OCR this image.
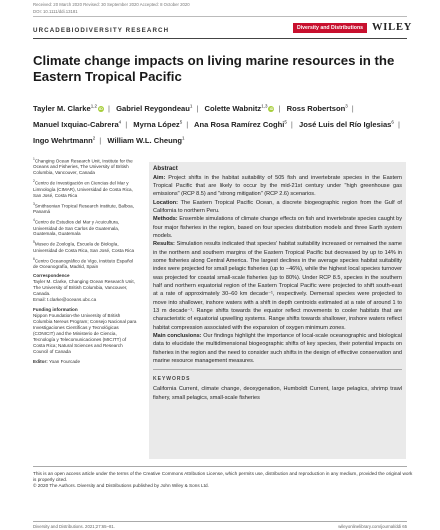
Received: 20 March 2020 Revised: 30 September 2020 Accepted: 8 October 2020
DOI: 10.1111/ddi.13181
URCADEBIODIVERSITY RESEARCH	Diversity and Distributions WILEY
Climate change impacts on living marine resources in the Eastern Tropical Pacific
Tayler M. Clarke$^{1,2}$iD | Gabriel Reygondeau$^1$ | Colette Wabnitz$^{1,3}$iD | Ross Robertson$^3$ | Manuel Ixquiac-Cabrera$^4$ | Myrna López$^5$ | Ana Rosa Ramírez Coghi$^5$ | José Luis del Río Iglesias$^6$ | Ingo Wehrtmann$^2$ | William W.L. Cheung$^1$
$^1$Changing Ocean Research Unit, Institute for the Oceans and Fisheries, The University of British Columbia, Vancouver, Canada
$^2$Centro de Investigación en Ciencias del Mar y Limnología (CIMAR), Universidad de Costa Rica, San José, Costa Rica
$^3$Smithsonian Tropical Research Institute, Balboa, Panamá
$^4$Centro de Estudios del Mar y Acuicultura, Universidad de San Carlos de Guatemala, Guatemala, Guatemala
$^5$Museo de Zoología, Escuela de Biología, Universidad de Costa Rica, San José, Costa Rica
$^6$Centro Oceanográfico de Vigo, Instituto Español de Oceanografía, Madrid, Spain
Correspondence
Tayler M. Clarke, Changing Ocean Research Unit, The University of British Columbia, Vancouver, Canada.
Email: t.clarke@oceans.ubc.ca
Funding information
Nippon Foundation-the University of British Columbia Nereus Program; Consejo Nacional para Investigaciones Científicas y Tecnológicas (CONICIT) and the Ministerio de Ciencia, Tecnología y Telecomunicaciones (MICITT) of Costa Rica; Natural Sciences and Research Council of Canada
Editor: Yoan Fourcade
Abstract

Aim: Project shifts in the habitat suitability of 505 fish and invertebrate species in the Eastern Tropical Pacific that are likely to occur by the mid-21st century under "high greenhouse gas emissions" (RCP 8.5) and "strong mitigation" (RCP 2.6) scenarios.

Location: The Eastern Tropical Pacific Ocean, a discrete biogeographic region from the Gulf of California to northern Peru.

Methods: Ensemble simulations of climate change effects on fish and invertebrate species caught by four major fisheries in the region, based on four species distribution models and three Earth system models.

Results: Simulation results indicated that species' habitat suitability increased or remained the same in the northern and southern margins of the Eastern Tropical Pacific but decreased by up to 14% in some fisheries along Central America. The largest declines in the average species habitat suitability index were projected for small pelagic fisheries (up to −46%), while the highest local species turnover was projected for coastal small-scale fisheries (up to 80%). Under RCP 8.5, species in the southern half and northern equatorial region of the Eastern Tropical Pacific were projected to shift south-east at a rate of approximately 30–60 km decade⁻¹, respectively. Demersal species were projected to move into shallower, inshore waters with a shift in depth centroids estimated at a rate of around 1 to 13 m decade⁻¹. Range shifts towards the equator reflect movements to cooler habitats that are characteristic of equatorial upwelling systems. Range shifts towards shallower, inshore waters reflect habitat compression associated with the expansion of oxygen minimum zones.

Main conclusions: Our findings highlight the importance of local-scale oceanographic and biological data to elucidate the multidimensional biogeographic shifts of key species, their potential impacts on fisheries in the region and the need to consider such shifts in the design of effective conservation and marine resource management measures.

KEYWORDS

California Current, climate change, deoxygenation, Humboldt Current, large pelagics, shrimp trawl fishery, small pelagics, small-scale fisheries

This is an open access article under the terms of the Creative Commons Attribution License, which permits use, distribution and reproduction in any medium, provided the original work is properly cited.
© 2020 The Authors. Diversity and Distributions published by John Wiley & Sons Ltd.
Diversity and Distributions. 2021;27:65–81.	wileyonlinelibrary.com/journal/ddi 65
